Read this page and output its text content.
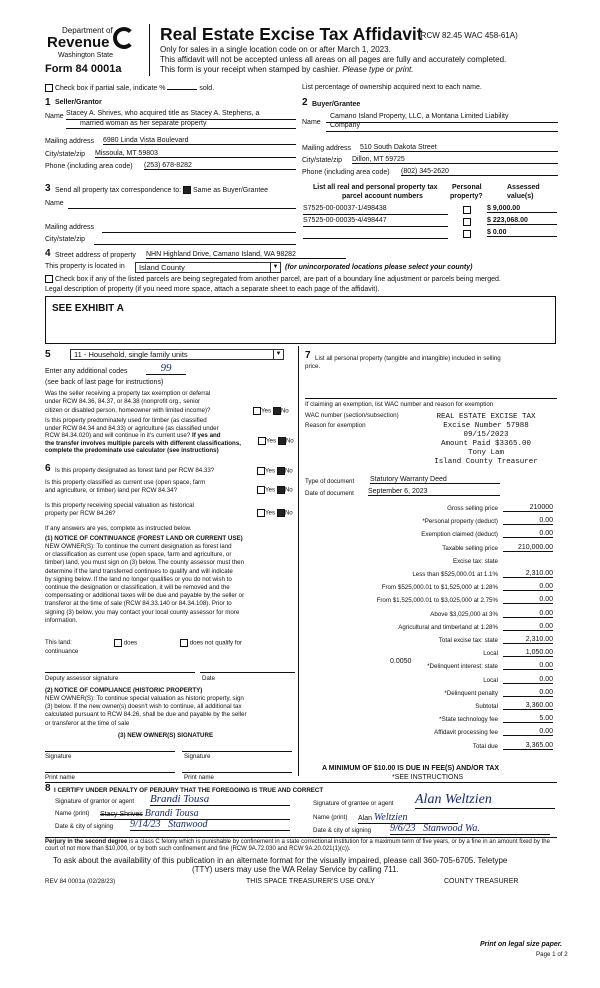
Department of
Revenue
Washington State
Form 84 0001a
Real Estate Excise Tax Affidavit
(RCW 82.45 WAC 458-61A)
Only for sales in a single location code on or after March 1, 2023.
This affidavit will not be accepted unless all areas on all pages are fully and accurately completed.
This form is your receipt when stamped by cashier. Please type or print.
Check box if partial sale, indicate %	sold.	List percentage of ownership acquired next to each name.
1 Seller/Grantor
Name Stacey A. Shrives, who acquired title as Stacey A. Stephens, a
married woman as her separate property
Mailing address 6980 Linda Vista Boulevard
City/state/zip Missoula, MT 59803
Phone (including area code) (253) 678-8282
2 Buyer/Grantee
Name
Camano Island Property, LLC, a Montana Limited Liability
Company
Mailing address 510 South Dakota Street
City/state/zip Dillon, MT 59725
Phone (including area code) (802) 345-2620
3 Send all property tax correspondence to: Same as Buyer/Grantee
Name
Mailing address
City/state/zip
List all real and personal property tax
parcel account numbers
Personal
property?
Assessed
value(s)
S7525-00-00037-1/498438	$ 9,000.00
S7525-00-00035-4/498447	$ 223,068.00
$ 0.00
4 Street address of property NHN Highland Drive, Camano Island, WA 98282
This property is located in	Island County	▼ (for unincorporated locations please select your county)
Check box if any of the listed parcels are being segregated from another parcel, are part of a boundary line adjustment or parcels being merged.
Legal description of property (if you need more space, attach a separate sheet to each page of the affidavit).
SEE EXHIBIT A
5	11 - Household, single family units	▼
Enter any additional codes	99
(see back of last page for instructions)
Was the seller receiving a property tax exemption or deferral
under RCW 84.36, 84.37, or 84.38 (nonprofit org., senior
citizen or disabled person, homeowner with limited income)?	Yes No
Is this property predominately used for timber (as classified
under RCW 84.34 and 84.33) or agriculture (as classified under
RCW 84.34.020) and will continue in it's current use? If yes and
the transfer involves multiple parcels with different classifications,
complete the predominate use calculator (see instructions)
Yes No
6 Is this property designated as forest land per RCW 84.33?	Yes No
Is this property classified as current use (open space, farm
and agriculture, or timber) land per RCW 84.34?	Yes No
Is this property receiving special valuation as historical
property per RCW 84.26?	Yes No
If any answers are yes, complete as instructed below.
(1) NOTICE OF CONTINUANCE (FOREST LAND OR CURRENT USE)
NEW OWNER(S): To continue the current designation as forest land
or classification as current use (open space, farm and agriculture, or
timber) land, you must sign on (3) below. The county assessor must then
determine if the land transferred continues to qualify and will indicate
by signing below. If the land no longer qualifies or you do not wish to
continue the designation or classification, it will be removed and the
compensating or additional taxes will be due and payable by the seller or
transferor at the time of sale (RCW 84.33.140 or 84.34.108). Prior to
signing (3) below, you may contact your local county assessor for more
information.
This land:
continuance
does	does not qualify for
Deputy assessor signature	Date
(2) NOTICE OF COMPLIANCE (HISTORIC PROPERTY)
NEW OWNER(S): To continue special valuation as historic property, sign
(3) below. If the new owner(s) doesn't wish to continue, all additional tax
calculated pursuant to RCW 84.26, shall be due and payable by the seller
or transferor at the time of sale
(3) NEW OWNER(S) SIGNATURE
Signature	Signature
Print name	Print name
7 List all personal property (tangible and intangible) included in selling
price.
If claiming an exemption, list WAC number and reason for exemption
WAC number (section/subsection)
Reason for exemption
REAL ESTATE EXCISE TAX
Excise Number 57988
09/15/2023
Amount Paid $3365.00
Tony Lam
Island County Treasurer
Type of document Statutory Warranty Deed
Date of document September 6, 2023
Gross selling price	210000
*Personal property (deduct)	0.00
Exemption claimed (deduct)	0.00
Taxable selling price	210,000.00
Excise tax: state
Less than $525,000.01 at 1.1%	2,310.00
From $525,000.01 to $1,525,000 at 1.28%	0.00
From $1,525,000.01 to $3,025,000 at 2.75%	0.00
Above $3,025,000 at 3%	0.00
Agricultural and timberland at 1.28%	0.00
Total excise tax: state	2,310.00
Local	1,050.00
*Delinquent interest: state	0.00
Local	0.00
*Delinquent penalty	0.00
Subtotal	3,360.00
*State technology fee	5.00
Affidavit processing fee	0.00
Total due	3,365.00
0.0050
A MINIMUM OF $10.00 IS DUE IN FEE(S) AND/OR TAX
*SEE INSTRUCTIONS
8 I CERTIFY UNDER PENALTY OF PERJURY THAT THE FOREGOING IS TRUE AND CORRECT
Signature of grantor or agent Brandi Tousa
Name (print) Stacy Shrives Brandi Tousa
Date & city of signing 9/14/23 Stanwood
Signature of grantee or agent Alan Weltzien
Name (print) Alan Weltzien
Date & city of signing 9/6/23 Stanwood Wa.
Perjury in the second degree is a class C felony which is punishable by confinement in a state correctional institution for a maximum term of five years, or by a fine in an amount fixed by the court of not more than $10,000, or by both such confinement and fine (RCW 9A.72.030 and RCW 9A.20.021(1)(c)).
To ask about the availability of this publication in an alternate format for the visually impaired, please call 360-705-6705. Teletype
(TTY) users may use the WA Relay Service by calling 711.
REV 84 0001a (02/28/23)	THIS SPACE TREASURER'S USE ONLY	COUNTY TREASURER
Print on legal size paper.
Page 1 of 2
